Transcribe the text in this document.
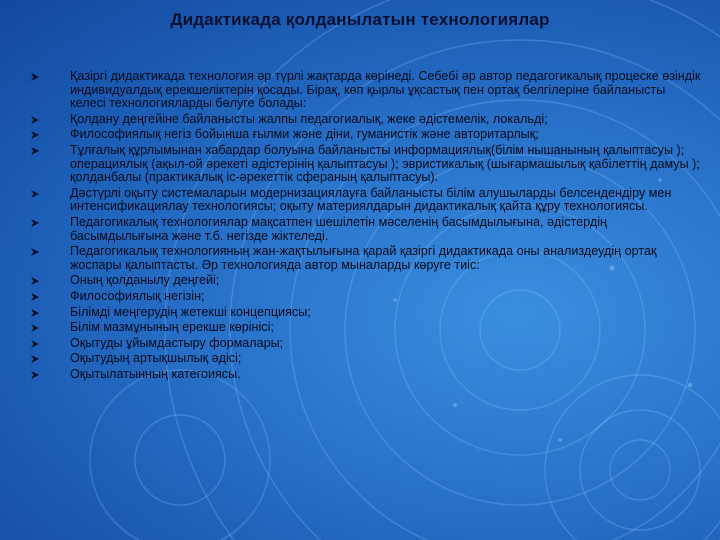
Дидактикада қолданылатын технологиялар
Қазіргі дидактикада технология әр түрлі жақтарда көрінеді. Себебі әр автор педагогикалық процеске өзіндік индивидуалдық ерекшеліктерін қосады. Бірақ, көп қырлы ұқсастық пен ортақ белгілеріне байланысты келесі технологияларды бөлуге болады:
Қолдану деңгейіне байланысты жалпы педагогиалық, жеке әдістемелік, локальді;
Философиялық негіз бойынша ғылми және діни, гуманистік және авторитарлық;
Тұлғалық құрлымынан хабардар болуына байланысты информациялық(білім нышанының қалыптасуы ); операциялық (ақыл-ой әрекеті әдістерінің қалыптасуы ); эвристикалық (шығармашылық қабілеттің дамуы ); қолданбалы (практикалық іс-әрекеттік сфераның қалыптасуы).
Дәстүрлі оқыту системаларын модернизациялауға байланысты білім алушыларды белсендендіру мен интенсификациялау технологиясы; оқыту материялдарын дидактикалық қайта құру технологиясы.
Педагогикалық технологиялар мақсатпен шешілетін мәселенің басымдылығына, әдістердің басымдылығына және т.б. негізде жіктеледі.
Педагогикалық технологияның жан-жақтылығына қарай қазіргі дидактикада оны анализдеудің ортақ жоспары қалыптасты. Әр технологияда автор мыналарды көруге тиіс:
Оның қолданылу деңгейі;
Философиялық негізін;
Білімді меңгерудің жетекші концепциясы;
Білім мазмұнының ерекше көрінісі;
Оқытуды ұйымдастыру формалары;
Оқытудың артықшылық әдісі;
Оқытылатынның категоиясы.
